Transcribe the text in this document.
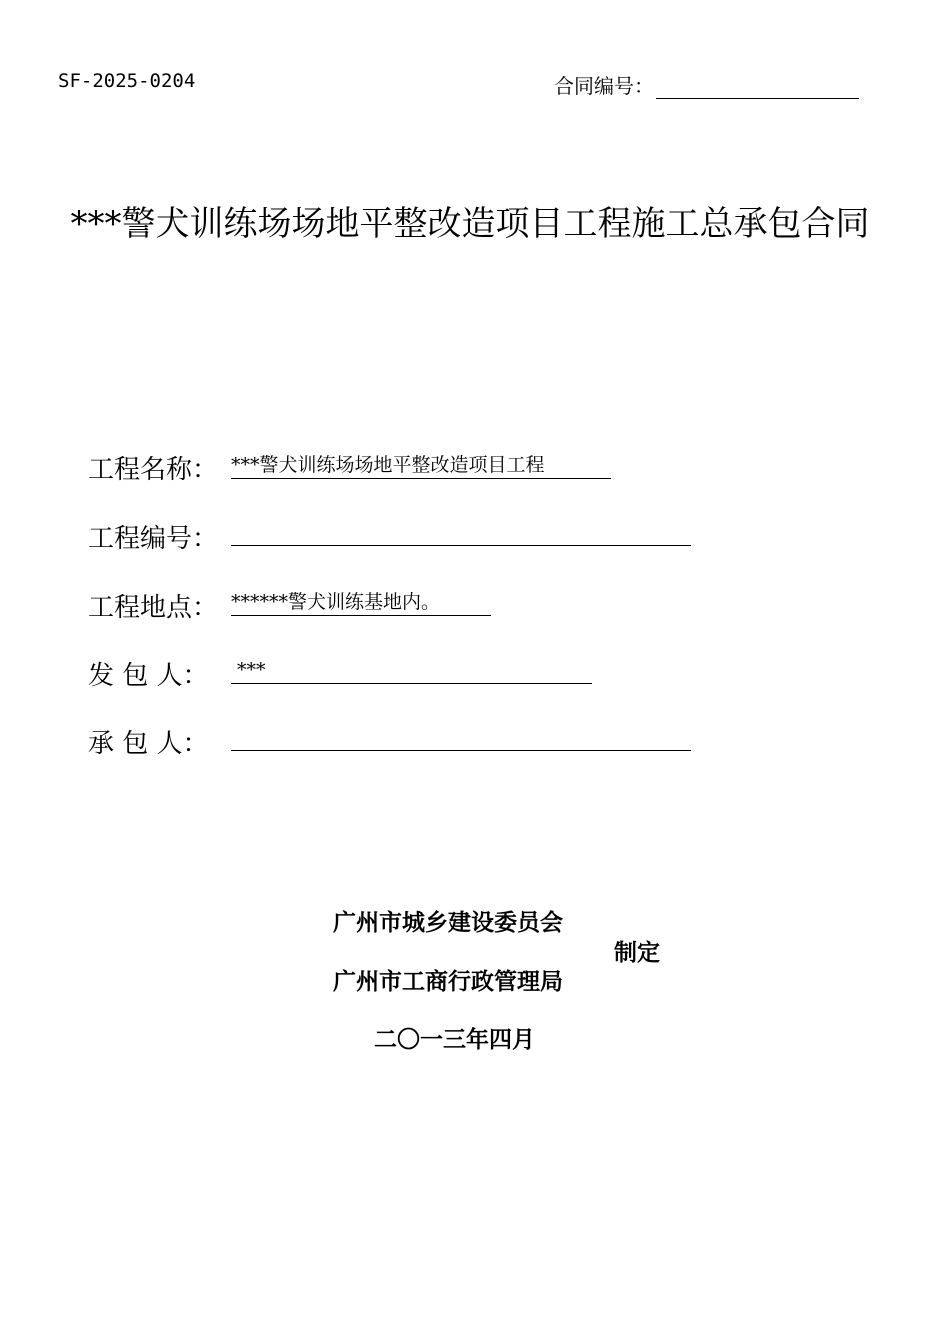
SF-2025-0204	合同编号：
***警犬训练场场地平整改造项目工程施工总承包合同
工程名称： ***警犬训练场场地平整改造项目工程
工程编号：
工程地点： ******警犬训练基地内。
发 包 人： ***
承 包 人：
广州市城乡建设委员会
制定
广州市工商行政管理局
二〇一三年四月
